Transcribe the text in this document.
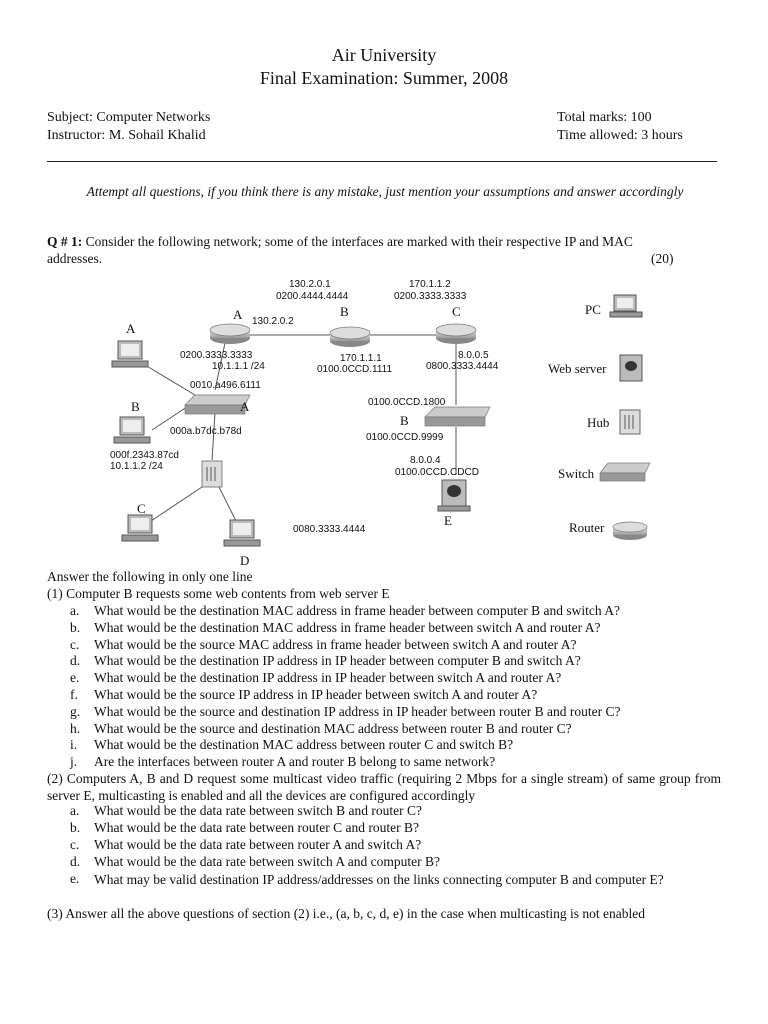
Air University
Final Examination: Summer, 2008
Subject: Computer Networks
Instructor: M. Sohail Khalid
Total marks: 100
Time allowed: 3 hours
Attempt all questions, if you think there is any mistake, just mention your assumptions and answer accordingly
Q # 1: Consider the following network; some of the interfaces are marked with their respective IP and MAC
addresses.	(20)
130.2.0.1
0200.4444.4444
170.1.1.2
0200.3333.3333
130.2.0.2
0200.3333.3333
10.1.1.1 /24
170.1.1.1
0100.0CCD.1111
8.0.0.5
0800.3333.4444
0010.a496.6111
000a.b7dc.b78d
000f.2343.87cd
10.1.1.2 /24
0100.0CCD.1800
0100.0CCD.9999
8.0.0.4
0100.0CCD.CDCD
0080.3333.4444
A	B	C
A
B
C
D
A
B
E
PC
Web server
Hub
Switch
Router
Answer the following in only one line
(1) Computer B requests some web contents from web server E
a. What would be the destination MAC address in frame header between computer B and switch A?
b. What would be the destination MAC address in frame header between switch A and router A?
c. What would be the source MAC address in frame header between switch A and router A?
d. What would be the destination IP address in IP header between computer B and switch A?
e. What would be the destination IP address in IP header between switch A and router A?
f. What would be the source IP address in IP header between switch A and router A?
g. What would be the source and destination IP address in IP header between router B and router C?
h. What would be the source and destination MAC address between router B and router C?
i. What would be the destination MAC address between router C and switch B?
j. Are the interfaces between router A and router B belong to same network?
(2) Computers A, B and D request some multicast video traffic (requiring 2 Mbps for a single stream) of same group from server E, multicasting is enabled and all the devices are configured accordingly
a. What would be the data rate between switch B and router C?
b. What would be the data rate between router C and router B?
c. What would be the data rate between router A and switch A?
d. What would be the data rate between switch A and computer B?
e. What may be valid destination IP address/addresses on the links connecting computer B and computer E?
(3) Answer all the above questions of section (2) i.e., (a, b, c, d, e) in the case when multicasting is not enabled
